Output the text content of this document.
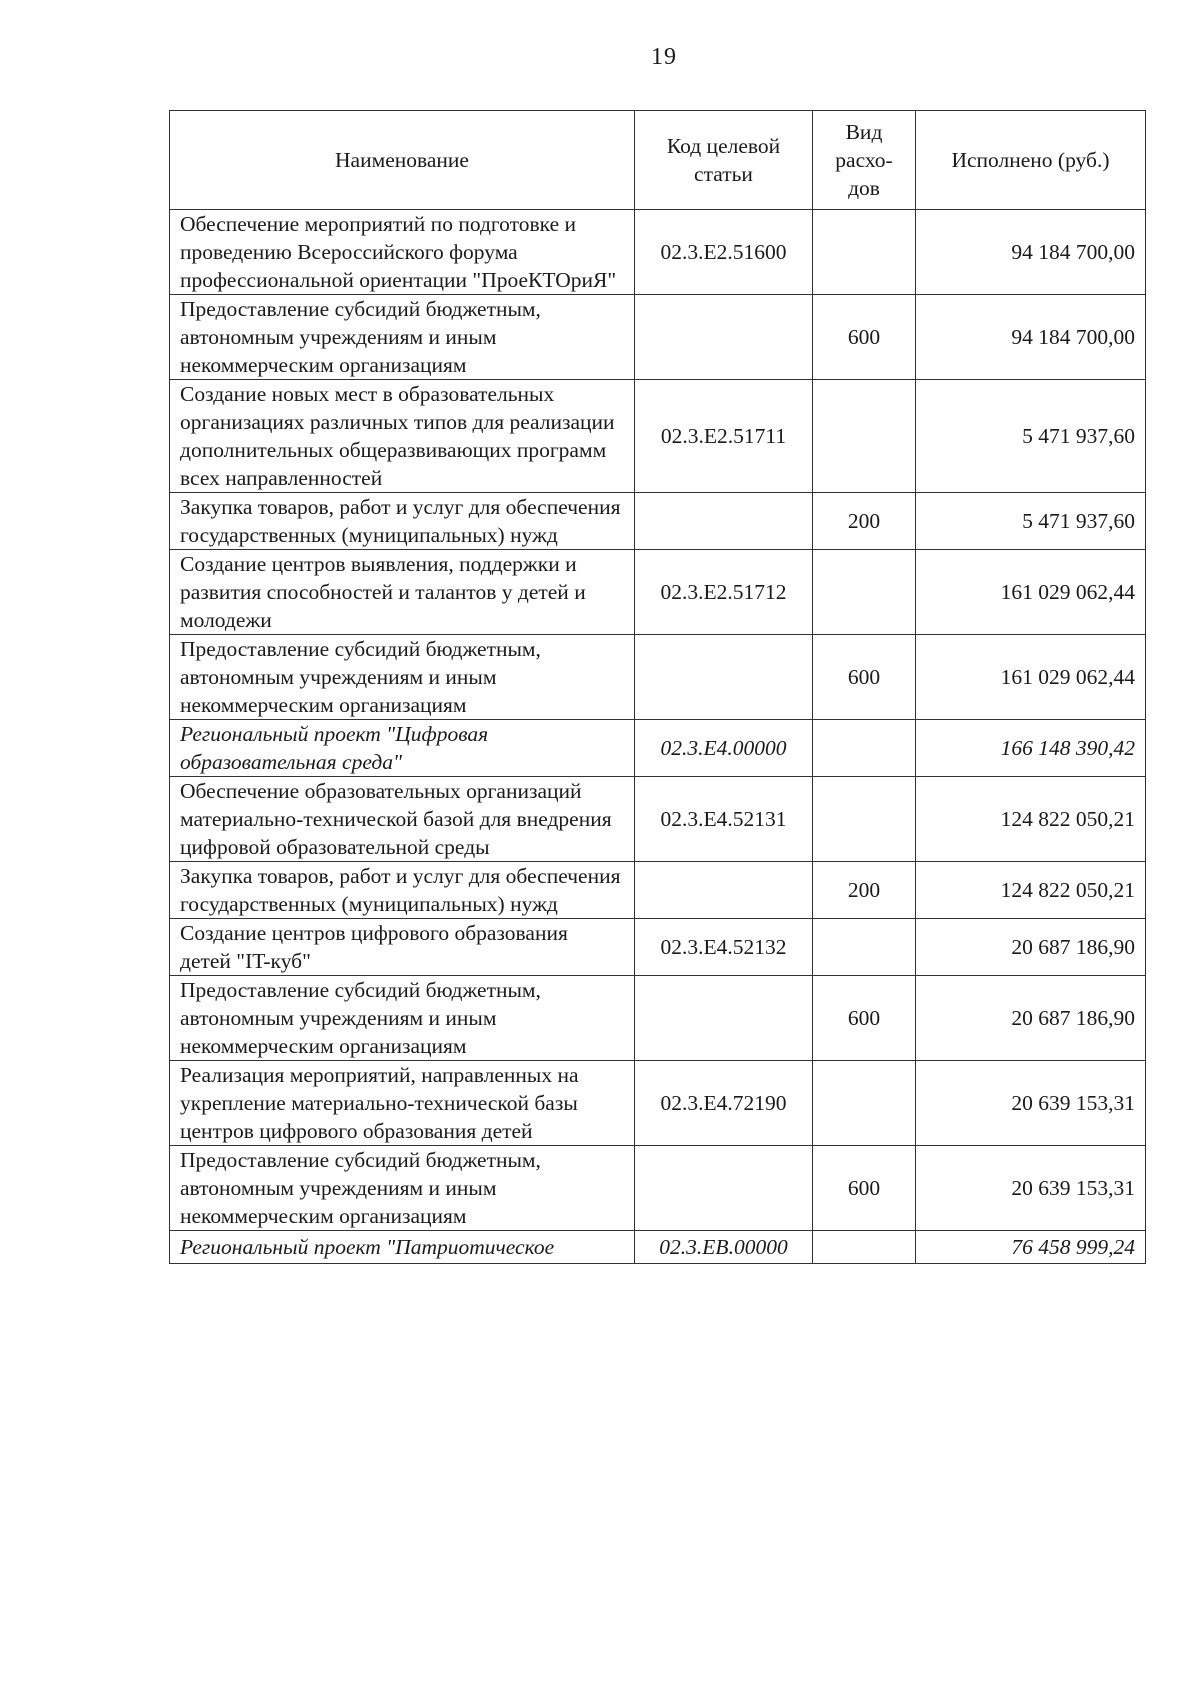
19
Наименование	Код целевой статьи	Вид расхо-дов	Исполнено (руб.)
Обеспечение мероприятий по подготовке и проведению Всероссийского форума профессиональной ориентации "ПроеКТОриЯ"	02.3.E2.51600		94 184 700,00
Предоставление субсидий бюджетным, автономным учреждениям и иным некоммерческим организациям		600	94 184 700,00
Создание новых мест в образовательных организациях различных типов для реализации дополнительных общеразвивающих программ всех направленностей	02.3.E2.51711		5 471 937,60
Закупка товаров, работ и услуг для обеспечения государственных (муниципальных) нужд		200	5 471 937,60
Создание центров выявления, поддержки и развития способностей и талантов у детей и молодежи	02.3.E2.51712		161 029 062,44
Предоставление субсидий бюджетным, автономным учреждениям и иным некоммерческим организациям		600	161 029 062,44
Региональный проект "Цифровая образовательная среда"	02.3.E4.00000		166 148 390,42
Обеспечение образовательных организаций материально-технической базой для внедрения цифровой образовательной среды	02.3.E4.52131		124 822 050,21
Закупка товаров, работ и услуг для обеспечения государственных (муниципальных) нужд		200	124 822 050,21
Создание центров цифрового образования детей "IT-куб"	02.3.E4.52132		20 687 186,90
Предоставление субсидий бюджетным, автономным учреждениям и иным некоммерческим организациям		600	20 687 186,90
Реализация мероприятий, направленных на укрепление материально-технической базы центров цифрового образования детей	02.3.E4.72190		20 639 153,31
Предоставление субсидий бюджетным, автономным учреждениям и иным некоммерческим организациям		600	20 639 153,31
Региональный проект "Патриотическое	02.3.EB.00000		76 458 999,24
